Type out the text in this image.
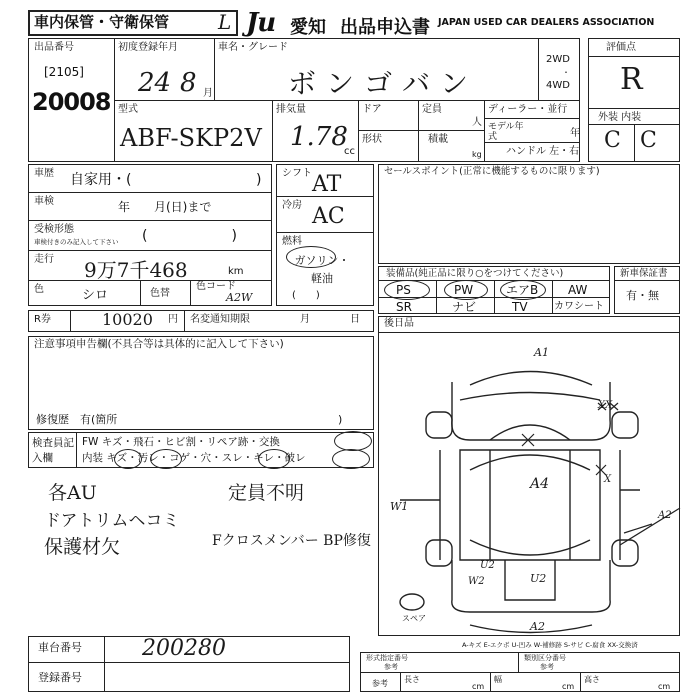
車内保管・守衛保管 L Ju 愛知 出品申込書 JAPAN USED CAR DEALERS ASSOCIATION
出品番号
[2105]
20008
初度登録年月
24 8 月
車名・グレード
ボンゴバン
2WD
・
4WD
型式
ABF-SKP2V
排気量
1.78
cc
ドア
形状
定員
人
積載
kg
ディーラー・並行
モデル年式	年
ハンドル 左・右
評価点
R
外装 内装
C C
車歴 自家用・(	)
車検	年　　月(日)まで
受検形態
車検付きのみ記入して下さい (　　　　　　)
走行 9万7千468	km
色	シロ	色替
色コード
A2W
シフト AT
冷房 AC
燃料
ガソリン・軽油
(　　)
セールスポイント(正常に機能するものに限ります)
装備品(純正品に限り○をつけてください)
PS	PW	エアB AW
SR	ナビ	TV	カワシート
新車保証書
有・無
R券	10020 円 名変通知期限	月	日 後日品
注意事項申告欄(不具合等は具体的に記入して下さい)
修復歴　有(箇所	)
検査員記入欄
FW キズ・飛石・ヒビ割・リペア跡・交換
内装 キズ・汚レ・コゲ・穴・スレ・キレ・破レ
各AU
ドアトリムヘコミ
保護材欠
定員不明
Fクロスメンバー BP修復
A1
XX
A4	X
W1
U2
A2
W2	U2
A2
スペア
A-キズ E-エクボ U-凹み W-補修跡 S-サビ C-腐食 XX-交換済
車台番号	200280
登録番号
形式指定番号
参考
類別区分番号
参考
参考 長さ
cm
幅
cm
高さ
cm
